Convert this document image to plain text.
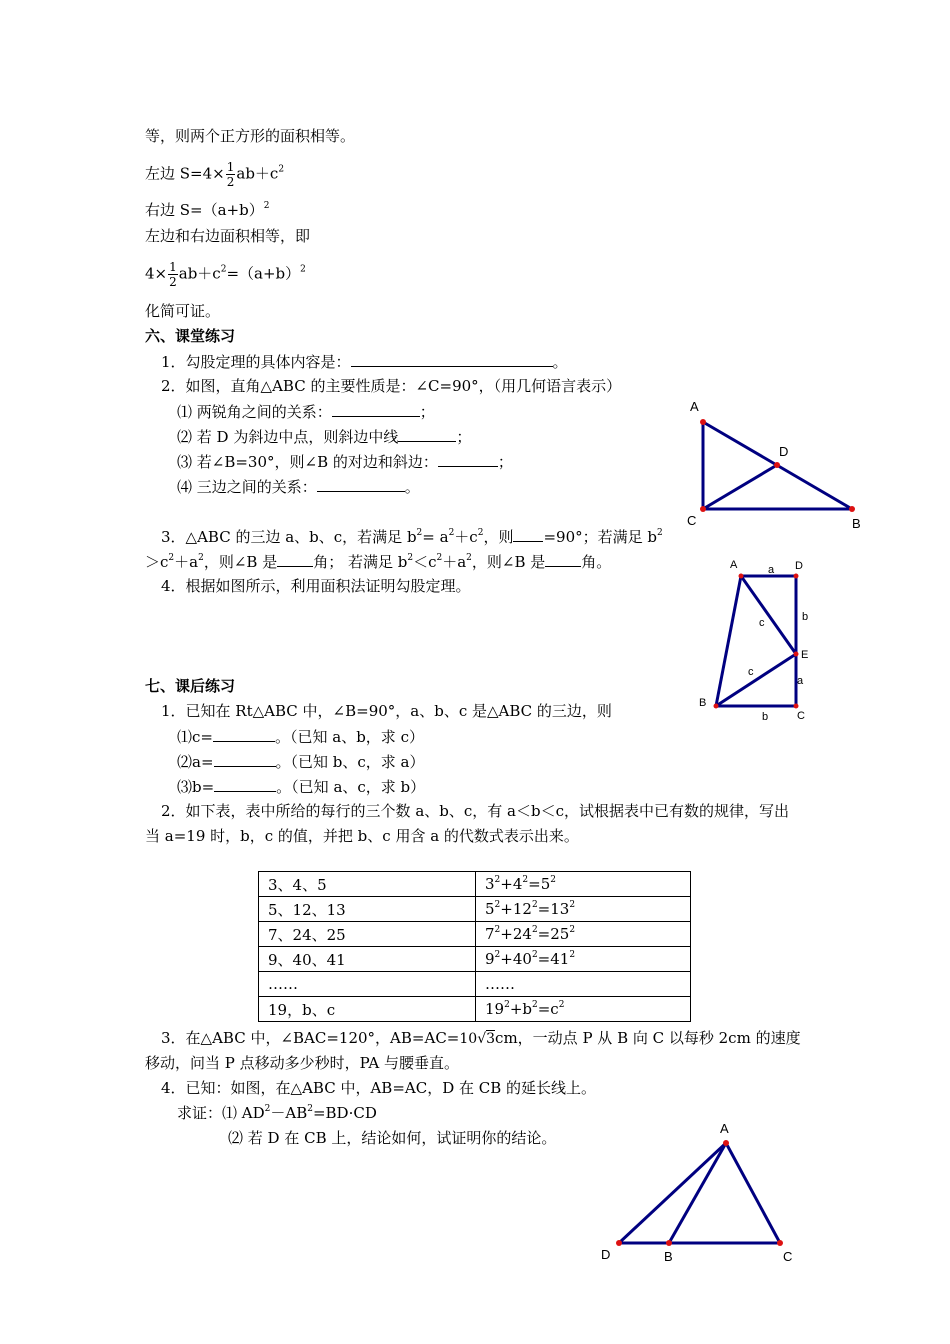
等，则两个正方形的面积相等。
左边 $S=4\times \frac{1}{2} ab+c^2$
右边 $S=(a+b)^2$
左边和右边面积相等，即
$4\times \frac{1}{2} ab+c^2=(a+b)^2$
化简可证。
六、课堂练习
1．勾股定理的具体内容是：	。
2．如图，直角△ABC 的主要性质是：∠C=90°，（用几何语言表示）
⑴ 两锐角之间的关系：	；
⑵ 若 D 为斜边中点，则斜边中线	；
⑶ 若∠B=30°，则∠B 的对边和斜边：	；
⑷ 三边之间的关系：	。
3．△ABC 的三边 a、b、c，若满足 $b^2= a^2+c^2$，则 =90°；若满足 $b^2$
$>c^2+a^2$，则∠B 是 角； 若满足 $b^2<c^2+a^2$，则∠B 是 角。
4．根据如图所示，利用面积法证明勾股定理。
七、课后练习
1．已知在 Rt△ABC 中，∠B=90°，a、b、c 是△ABC 的三边，则
⑴c=	。（已知 a、b，求 c）
⑵a=	。（已知 b、c，求 a）
⑶b=	。（已知 a、c，求 b）
2．如下表，表中所给的每行的三个数 a、b、c，有 a＜b＜c，试根据表中已有数的规律，写出
当 a=19 时，b，c 的值，并把 b、c 用含 a 的代数式表示出来。
3、4、5	$3^2+4^2=5^2$
5、12、13	$5^2+12^2=13^2$
7、24、25	$7^2+24^2=25^2$
9、40、41	$9^2+40^2=41^2$
……	……
19，b、c	$19^2+b^2=c^2$
3．在△ABC 中，∠BAC=120°，AB=AC=10√3cm，一动点 P 从 B 向 C 以每秒 2cm 的速度
移动，问当 P 点移动多少秒时，PA 与腰垂直。
4．已知：如图，在△ABC 中，AB=AC，D 在 CB 的延长线上。
求证：⑴ $AD^2-AB^2=BD\cdot CD$
⑵ 若 D 在 CB 上，结论如何，试证明你的结论。
A
C	B
D
A	D
E
B
C
a
b
c
c
a
b
A
D	B	C
